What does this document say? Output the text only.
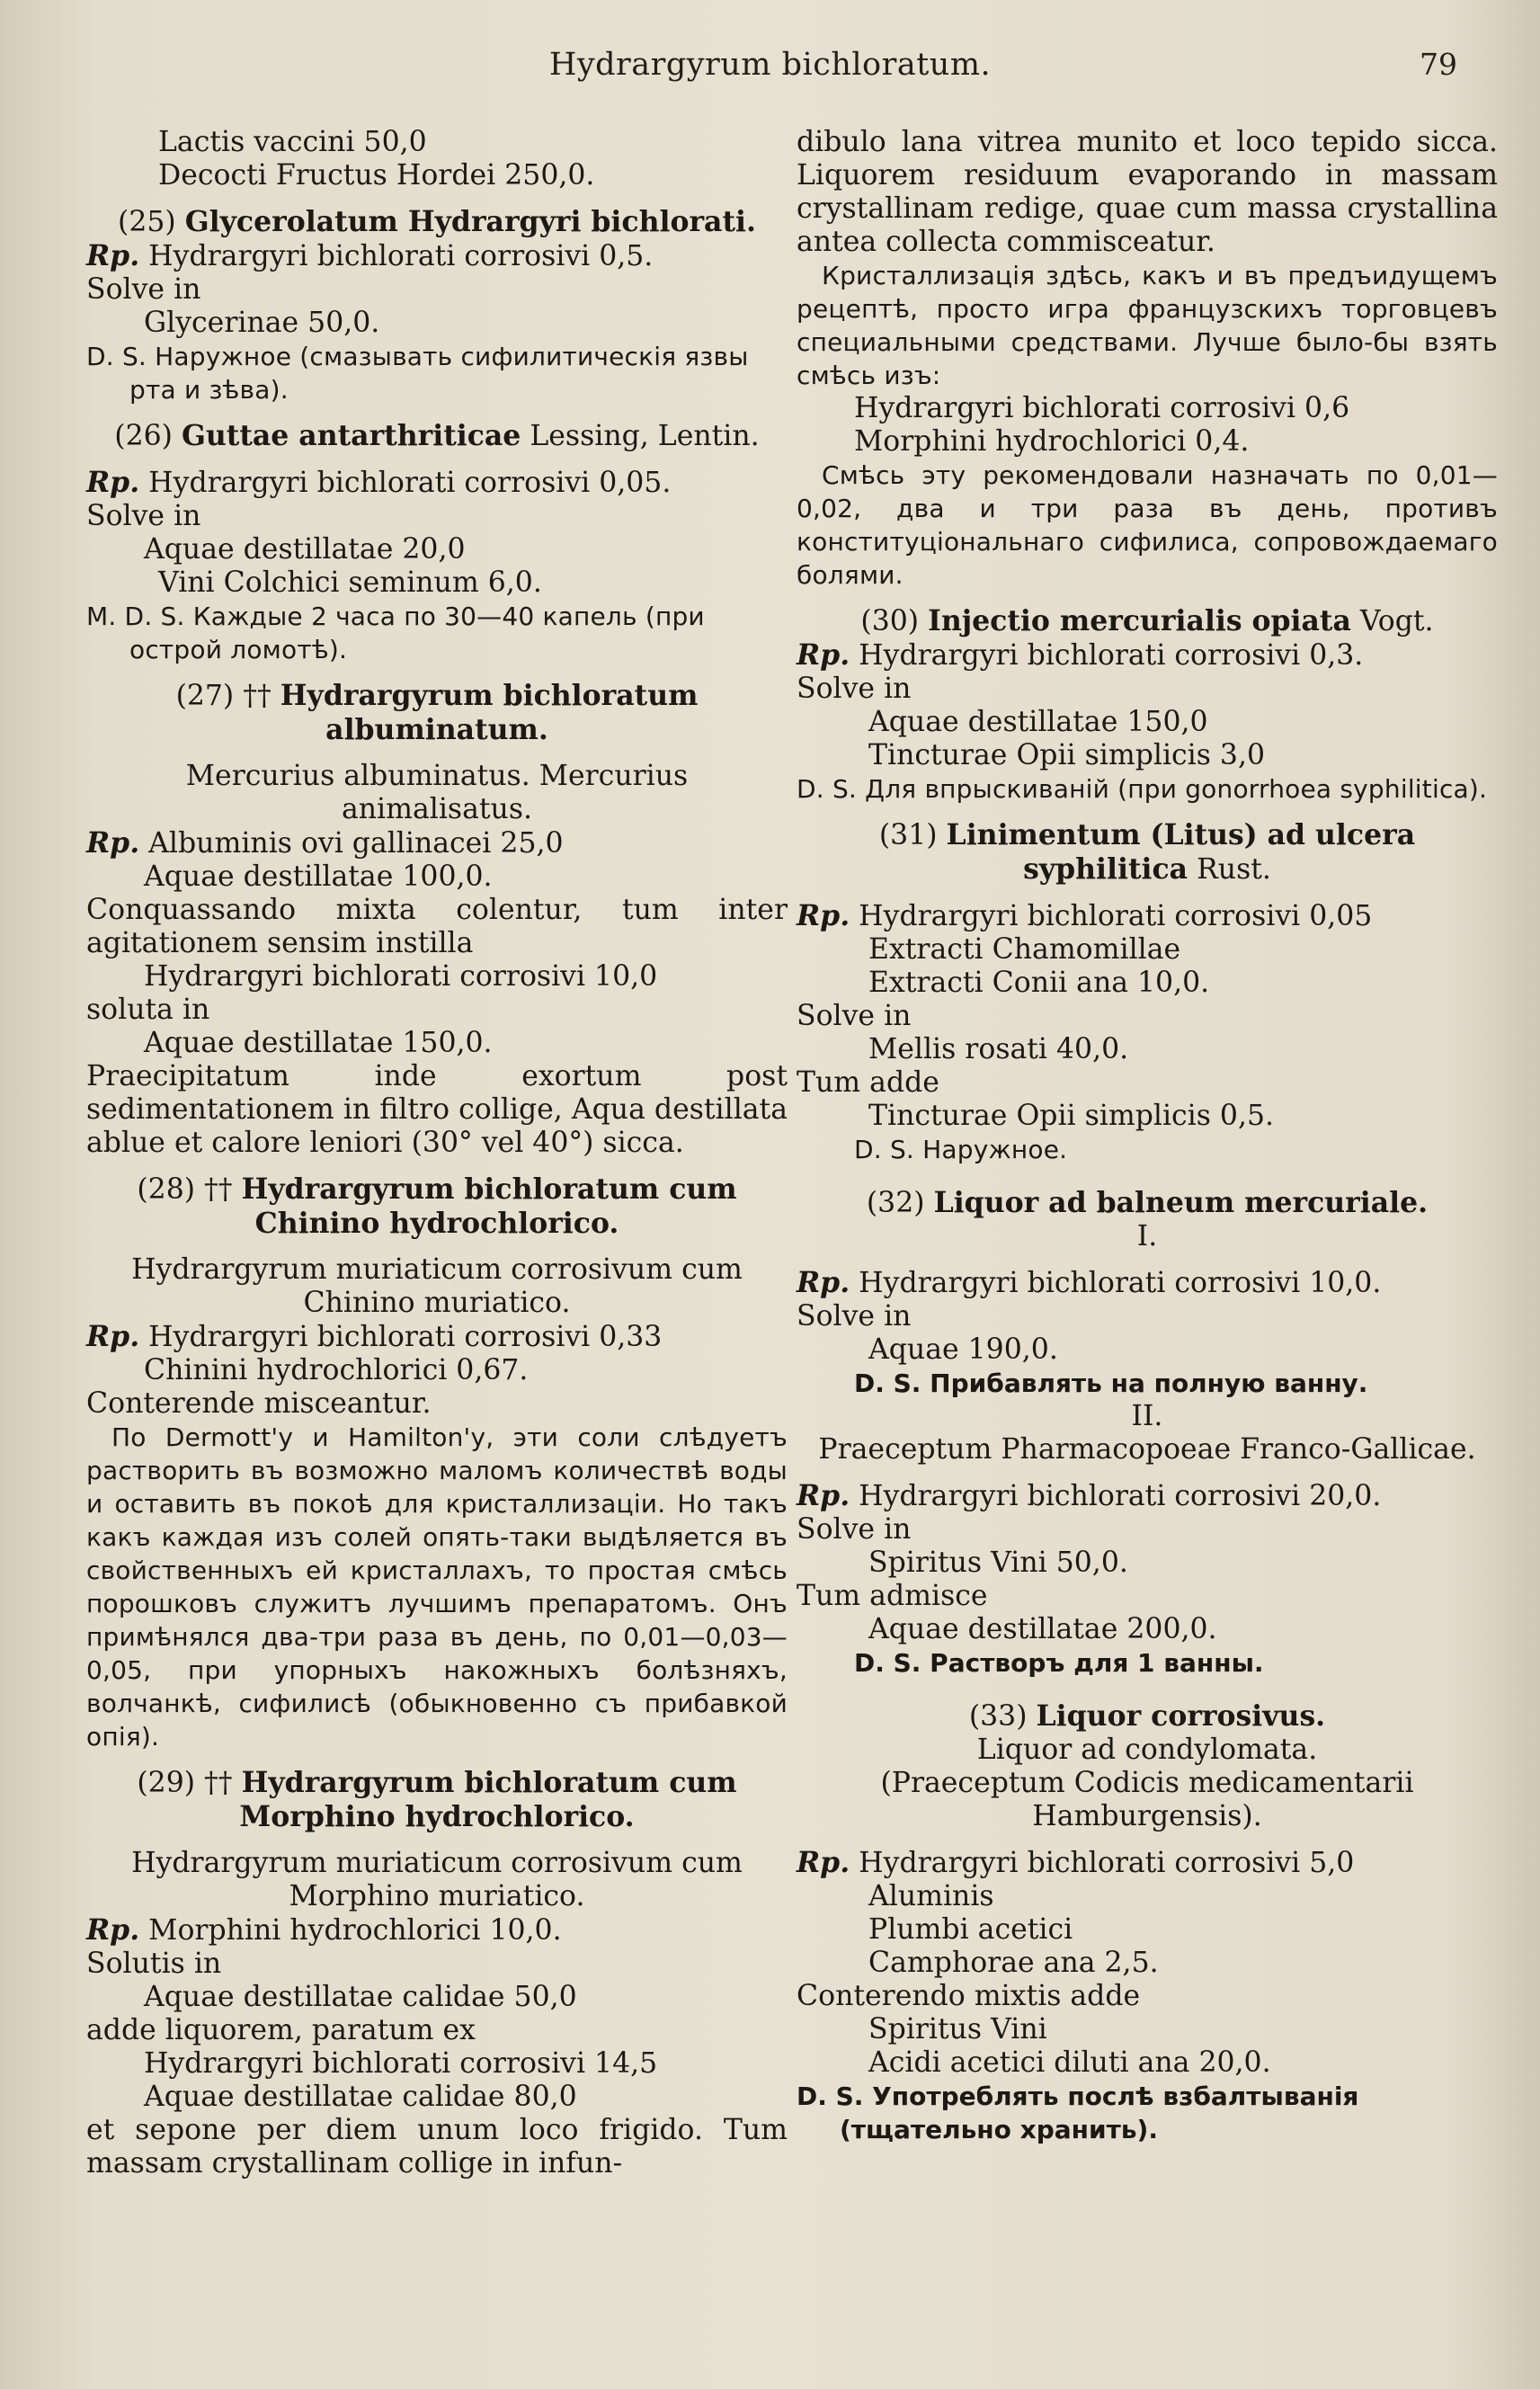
Hydrargyrum bichloratum.	79

Lactis vaccini 50,0

Decocti Fructus Hordei 250,0.

(25) Glycerolatum Hydrargyri bichlorati.

Rp. Hydrargyri bichlorati corrosivi 0,5.

Solve in

Glycerinae 50,0.

D. S. Наружное (смазывать сифилитическія язвы рта и зѣва).

(26) Guttae antarthriticae Lessing, Lentin.

Rp. Hydrargyri bichlorati corrosivi 0,05.

Solve in

Aquae destillatae 20,0

Vini Colchici seminum 6,0.

M. D. S. Каждые 2 часа по 30—40 капель (при острой ломотѣ).

(27) †† Hydrargyrum bichloratum albuminatum.

Mercurius albuminatus. Mercurius animalisatus.

Rp. Albuminis ovi gallinacei 25,0

Aquae destillatae 100,0.

Conquassando mixta colentur, tum inter agitationem sensim instilla

Hydrargyri bichlorati corrosivi 10,0

soluta in

Aquae destillatae 150,0.

Praecipitatum inde exortum post sedimentationem in filtro collige, Aqua destillata ablue et calore leniori (30° vel 40°) sicca.

(28) †† Hydrargyrum bichloratum cum Chinino hydrochlorico.

Hydrargyrum muriaticum corrosivum cum Chinino muriatico.

Rp. Hydrargyri bichlorati corrosivi 0,33

Chinini hydrochlorici 0,67.

Conterende misceantur.

По Dermott'у и Hamilton'у, эти соли слѣдуетъ растворить въ возможно маломъ количествѣ воды и оставить въ покоѣ для кристаллизаціи. Но такъ какъ каждая изъ солей опять-таки выдѣляется въ свойственныхъ ей кристаллахъ, то простая смѣсь порошковъ служитъ лучшимъ препаратомъ. Онъ примѣнялся два-три раза въ день, по 0,01—0,03—0,05, при упорныхъ накожныхъ болѣзняхъ, волчанкѣ, сифилисѣ (обыкновенно съ прибавкой опія).

(29) †† Hydrargyrum bichloratum cum Morphino hydrochlorico.

Hydrargyrum muriaticum corrosivum cum Morphino muriatico.

Rp. Morphini hydrochlorici 10,0.

Solutis in

Aquae destillatae calidae 50,0

adde liquorem, paratum ex

Hydrargyri bichlorati corrosivi 14,5

Aquae destillatae calidae 80,0

et sepone per diem unum loco frigido. Tum massam crystallinam collige in infun-

dibulo lana vitrea munito et loco tepido sicca. Liquorem residuum evaporando in massam crystallinam redige, quae cum massa crystallina antea collecta commisceatur.

Кристаллизація здѣсь, какъ и въ предъидущемъ рецептѣ, просто игра французскихъ торговцевъ специальными средствами. Лучше было-бы взять смѣсь изъ:

Hydrargyri bichlorati corrosivi 0,6

Morphini hydrochlorici 0,4.

Смѣсь эту рекомендовали назначать по 0,01—0,02, два и три раза въ день, противъ конституціональнаго сифилиса, сопровождаемаго болями.

(30) Injectio mercurialis opiata Vogt.

Rp. Hydrargyri bichlorati corrosivi 0,3.

Solve in

Aquae destillatae 150,0

Tincturae Opii simplicis 3,0

D. S. Для впрыскиваній (при gonorrhoea syphilitica).

(31) Linimentum (Litus) ad ulcera syphilitica Rust.

Rp. Hydrargyri bichlorati corrosivi 0,05

Extracti Chamomillae

Extracti Conii ana 10,0.

Solve in

Mellis rosati 40,0.

Tum adde

Tincturae Opii simplicis 0,5.

D. S. Наружное.

(32) Liquor ad balneum mercuriale.

I.

Rp. Hydrargyri bichlorati corrosivi 10,0.

Solve in

Aquae 190,0.

D. S. Прибавлять на полную ванну.

II.

Praeceptum Pharmacopoeae Franco-Gallicae.

Rp. Hydrargyri bichlorati corrosivi 20,0.

Solve in

Spiritus Vini 50,0.

Tum admisce

Aquae destillatae 200,0.

D. S. Растворъ для 1 ванны.

(33) Liquor corrosivus.

Liquor ad condylomata.

(Praeceptum Codicis medicamentarii Hamburgensis).

Rp. Hydrargyri bichlorati corrosivi 5,0

Aluminis

Plumbi acetici

Camphorae ana 2,5.

Conterendo mixtis adde

Spiritus Vini

Acidi acetici diluti ana 20,0.

D. S. Употреблять послѣ взбалтыванія (тщательно хранить).
